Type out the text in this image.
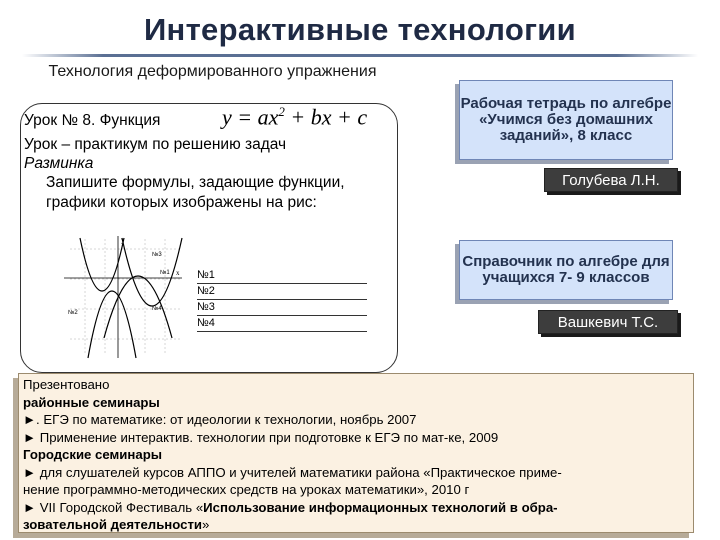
Интерактивные технологии
Технология деформированного упражнения
Урок № 8. Функция	$y = ax^2$ + bx + c
Урок – практикум по решению задач
Разминка
Запишите формулы, задающие функции, графики которых изображены на рис:
x
y
№3
№1
№2
№4
№1
№2
№3
№4
Рабочая тетрадь по алгебре «Учимся без домашних заданий», 8 класс
Голубева Л.Н.
Справочник по алгебре для учащихся 7- 9 классов
Вашкевич Т.С.
Презентовано
районные семинары
►. ЕГЭ по математике: от идеологии к технологии, ноябрь 2007
► Применение интерактив. технологии при подготовке к ЕГЭ по мат-ке, 2009
Городские семинары
► для слушателей курсов АППО и учителей математики района «Практическое приме-
нение программно-методических средств на уроках математики», 2010 г
► VII Городской Фестиваль «Использование информационных технологий в обра-
зовательной деятельности»
